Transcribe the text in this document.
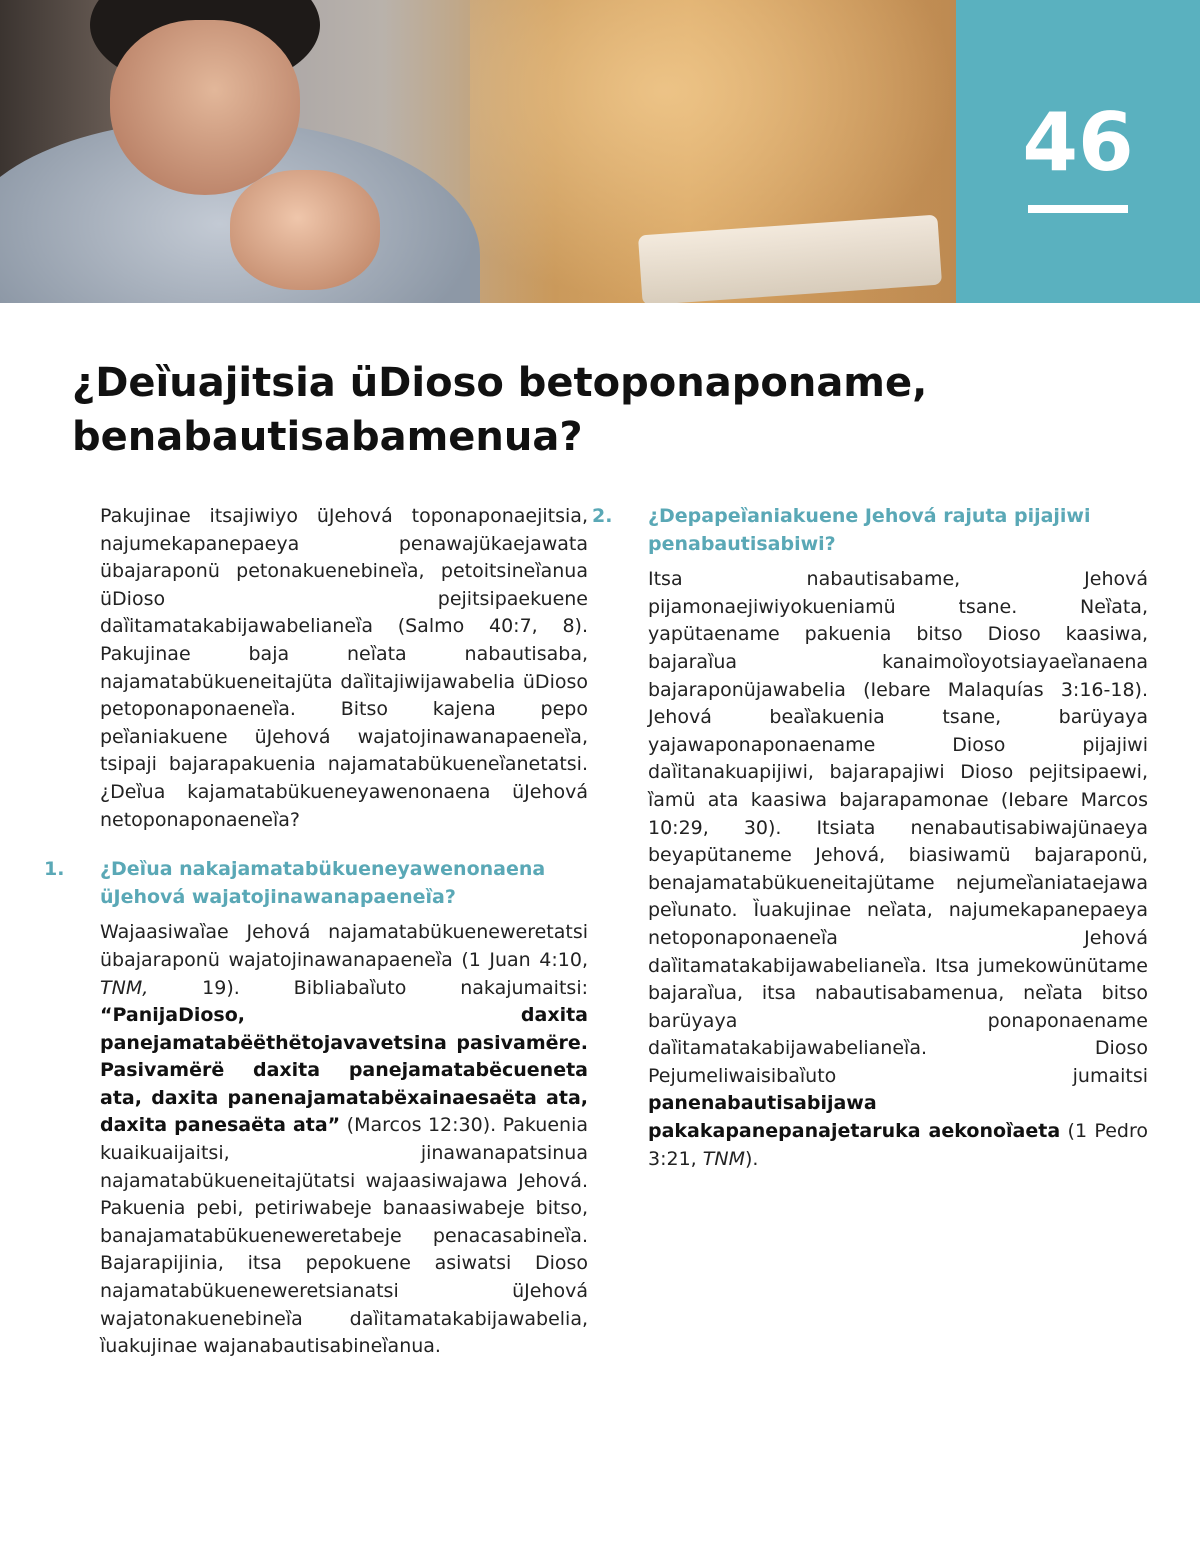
46
¿Deȉuajitsia üDioso betoponaponame, benabautisabamenua?

Pakujinae itsajiwiyo üJehová toponaponaejitsia, najumekapanepaeya penawajükaejawata übajaraponü petonakuenebineȉa, petoitsineȉanua üDioso pejitsipaekuene daȉitamatakabijawabelianeȉa (Salmo 40:7, 8). Pakujinae baja neȉata nabautisaba, najamatabükueneitajüta daȉitajiwijawabelia üDioso petoponaponaeneȉa. Bitso kajena pepo peȉaniakuene üJehová wajatojinawanapaeneȉa, tsipaji bajarapakuenia najamatabükueneȉanetatsi. ¿Deȉua kajamatabükueneyawenonaena üJehová netoponaponaeneȉa?

1. ¿Deȉua nakajamatabükueneyawenonaena üJehová wajatojinawanapaeneȉa?

Wajaasiwaȉae Jehová najamatabükueneweretatsi übajaraponü wajatojinawanapaeneȉa (1 Juan 4:10, TNM, 19). Bibliabaȉuto nakajumaitsi: “PanijaDioso, daxita panejamatabëëthëtojavavetsina pasivamëre. Pasivamërë daxita panejamatabëcueneta ata, daxita panenajamatabëxainaesaëta ata, daxita panesaëta ata” (Marcos 12:30). Pakuenia kuaikuaijaitsi, jinawanapatsinua najamatabükueneitajütatsi wajaasiwajawa Jehová. Pakuenia pebi, petiriwabeje banaasiwabeje bitso, banajamatabükueneweretabeje penacasabineȉa. Bajarapijinia, itsa pepokuene asiwatsi Dioso najamatabükueneweretsianatsi üJehová wajatonakuenebineȉa daȉitamatakabijawabelia, ȉuakujinae wajanabautisabineȉanua.

2. ¿Depapeȉaniakuene Jehová rajuta pijajiwi penabautisabiwi?

Itsa nabautisabame, Jehová pijamonaejiwiyokueniamü tsane. Neȉata, yapütaename pakuenia bitso Dioso kaasiwa, bajaraȉua kanaimoȉoyotsiayaeȉanaena bajaraponüjawabelia (Iebare Malaquías 3:16-18). Jehová beaȉakuenia tsane, barüyaya yajawaponaponaename Dioso pijajiwi daȉitanakuapijiwi, bajarapajiwi Dioso pejitsipaewi, ȉamü ata kaasiwa bajarapamonae (Iebare Marcos 10:29, 30). Itsiata nenabautisabiwajünaeya beyapütaneme Jehová, biasiwamü bajaraponü, benajamatabükueneitajütame nejumeȉaniataejawa peȉunato. Ȉuakujinae neȉata, najumekapanepaeya netoponaponaeneȉa Jehová daȉitamatakabijawabelianeȉa. Itsa jumekowünütame bajaraȉua, itsa nabautisabamenua, neȉata bitso barüyaya ponaponaename daȉitamatakabijawabelianeȉa. Dioso Pejumeliwaisibaȉuto jumaitsi panenabautisabijawa pakakapanepanajetaruka aekonoȉaeta (1 Pedro 3:21, TNM).
